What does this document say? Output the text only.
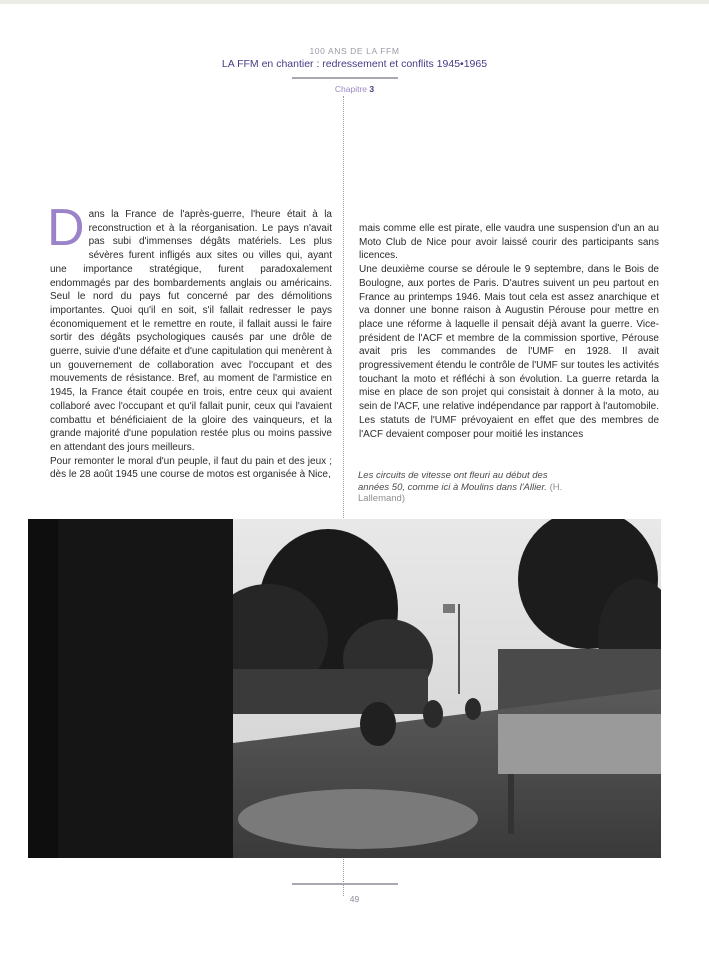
100 ANS DE LA FFM
LA FFM en chantier : redressement et conflits 1945•1965
Chapitre 3

Dans la France de l'après-guerre, l'heure était à la reconstruction et à la réorganisation. Le pays n'avait pas subi d'immenses dégâts matériels. Les plus sévères furent infligés aux sites ou villes qui, ayant une importance stratégique, furent paradoxalement endommagés par des bombardements anglais ou américains. Seul le nord du pays fut concerné par des démolitions importantes. Quoi qu'il en soit, s'il fallait redresser le pays économiquement et le remettre en route, il fallait aussi le faire sortir des dégâts psychologiques causés par une drôle de guerre, suivie d'une défaite et d'une capitulation qui menèrent à un gouvernement de collaboration avec l'occupant et des mouvements de résistance. Bref, au moment de l'armistice en 1945, la France était coupée en trois, entre ceux qui avaient collaboré avec l'occupant et qu'il fallait punir, ceux qui l'avaient combattu et bénéficiaient de la gloire des vainqueurs, et la grande majorité d'une population restée plus ou moins passive en attendant des jours meilleurs.

Pour remonter le moral d'un peuple, il faut du pain et des jeux ; dès le 28 août 1945 une course de motos est organisée à Nice,

mais comme elle est pirate, elle vaudra une suspension d'un an au Moto Club de Nice pour avoir laissé courir des participants sans licences.

Une deuxième course se déroule le 9 septembre, dans le Bois de Boulogne, aux portes de Paris. D'autres suivent un peu partout en France au printemps 1946. Mais tout cela est assez anarchique et va donner une bonne raison à Augustin Pérouse pour mettre en place une réforme à laquelle il pensait déjà avant la guerre. Vice-président de l'ACF et membre de la commission sportive, Pérouse avait pris les commandes de l'UMF en 1928. Il avait progressivement étendu le contrôle de l'UMF sur toutes les activités touchant la moto et réfléchi à son évolution. La guerre retarda la mise en place de son projet qui consistait à donner à la moto, au sein de l'ACF, une relative indépendance par rapport à l'automobile. Les statuts de l'UMF prévoyaient en effet que des membres de l'ACF devaient composer pour moitié les instances

Les circuits de vitesse ont fleuri au début des années 50, comme ici à Moulins dans l'Allier. (H. Lallemand)
49
